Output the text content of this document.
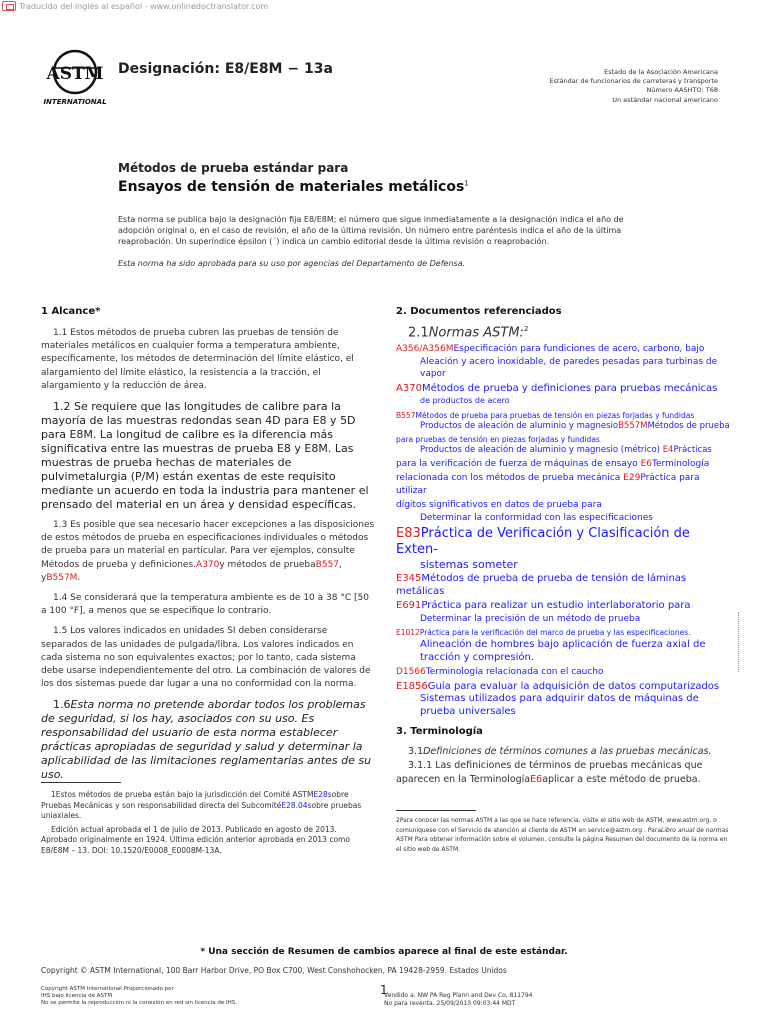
Traducido del inglés al español - www.onlinedoctranslator.com
ASTM
INTERNATIONAL
Designación: E8/E8M − 13a	Estado de la Asociación Americana
Estándar de funcionarios de carreteras y transporte
Número AASHTO: T68
Un estándar nacional americano
Métodos de prueba estándar para
Ensayos de tensión de materiales metálicos$^1$
Esta norma se publica bajo la designación fija E8/E8M; el número que sigue inmediatamente a la designación indica el año de adopción original o, en el caso de revisión, el año de la última revisión. Un número entre paréntesis indica el año de la última reaprobación. Un superíndice épsilon (´) indica un cambio editorial desde la última revisión o reaprobación.
Esta norma ha sido aprobada para su uso por agencias del Departamento de Defensa.
1 Alcance*

1.1 Estos métodos de prueba cubren las pruebas de tensión de materiales metálicos en cualquier forma a temperatura ambiente, específicamente, los métodos de determinación del límite elástico, el alargamiento del límite elástico, la resistencia a la tracción, el alargamiento y la reducción de área.

1.2 Se requiere que las longitudes de calibre para la mayoría de las muestras redondas sean 4D para E8 y 5D para E8M. La longitud de calibre es la diferencia más significativa entre las muestras de prueba E8 y E8M. Las muestras de prueba hechas de materiales de pulvimetalurgia (P/M) están exentas de este requisito mediante un acuerdo en toda la industria para mantener el prensado del material en un área y densidad específicas.

1.3 Es posible que sea necesario hacer excepciones a las disposiciones de estos métodos de prueba en especificaciones individuales o métodos de prueba para un material en particular. Para ver ejemplos, consulte Métodos de prueba y definiciones.A370y métodos de pruebaB557, yB557M.

1.4 Se considerará que la temperatura ambiente es de 10 a 38 °C [50 a 100 °F], a menos que se especifique lo contrario.

1.5 Los valores indicados en unidades SI deben considerarse separados de las unidades de pulgada/libra. Los valores indicados en cada sistema no son equivalentes exactos; por lo tanto, cada sistema debe usarse independientemente del otro. La combinación de valores de los dos sistemas puede dar lugar a una no conformidad con la norma.

1.6Esta norma no pretende abordar todos los problemas de seguridad, si los hay, asociados con su uso. Es responsabilidad del usuario de esta norma establecer prácticas apropiadas de seguridad y salud y determinar la aplicabilidad de las limitaciones reglamentarias antes de su uso.

1Estos métodos de prueba están bajo la jurisdicción del Comité ASTME28sobre Pruebas Mecánicas y son responsabilidad directa del SubcomitéE28.04sobre pruebas uniaxiales.

Edición actual aprobada el 1 de julio de 2013. Publicado en agosto de 2013. Aprobado originalmente en 1924. Última edición anterior aprobada en 2013 como E8/E8M – 13. DOI: 10.1520/E0008_E0008M-13A.

2. Documentos referenciados
2.1Normas ASTM:$^2$
A356/A356MEspecificación para fundiciones de acero, carbono, bajo
Aleación y acero inoxidable, de paredes pesadas para turbinas de vapor
A370Métodos de prueba y definiciones para pruebas mecánicas
de productos de acero
B557Métodos de prueba para pruebas de tensión en piezas forjadas y fundidas
Productos de aleación de aluminio y magnesioB557MMétodos de prueba
para pruebas de tensión en piezas forjadas y fundidas
Productos de aleación de aluminio y magnesio (métrico) E4Prácticas
para la verificación de fuerza de máquinas de ensayo E6Terminología
relacionada con los métodos de prueba mecánica E29Práctica para utilizar
dígitos significativos en datos de prueba para
Determinar la conformidad con las especificaciones
E83Práctica de Verificación y Clasificación de Exten-
sistemas someter
E345Métodos de prueba de prueba de tensión de láminas metálicas
E691Práctica para realizar un estudio interlaboratorio para
Determinar la precisión de un método de prueba
E1012Práctica para la verificación del marco de prueba y las especificaciones.
Alineación de hombres bajo aplicación de fuerza axial de tracción y compresión.
D1566Terminología relacionada con el caucho
E1856Guía para evaluar la adquisición de datos computarizados
Sistemas utilizados para adquirir datos de máquinas de prueba universales
3. Terminología

3.1Definiciones de términos comunes a las pruebas mecánicas.

3.1.1 Las definiciones de términos de pruebas mecánicas que aparecen en la TerminologíaE6aplicar a este método de prueba.

2Para conocer las normas ASTM a las que se hace referencia, visite el sitio web de ASTM, www.astm.org, o comuníquese con el Servicio de atención al cliente de ASTM en service@astm.org . ParaLibro anual de normas ASTM Para obtener información sobre el volumen, consulte la página Resumen del documento de la norma en el sitio web de ASTM.
* Una sección de Resumen de cambios aparece al final de este estándar.
Copyright © ASTM International, 100 Barr Harbor Drive, PO Box C700, West Conshohocken, PA 19428-2959. Estados Unidos
Copyright ASTM International Proporcionado por
IHS bajo licencia de ASTM
No se permite la reproducción ni la conexión en red sin licencia de IHS.
1
Vendido a: NW PA Reg Plann and Dev Co, 811794
No para reventa, 25/09/2013 09:03:44 MDT
